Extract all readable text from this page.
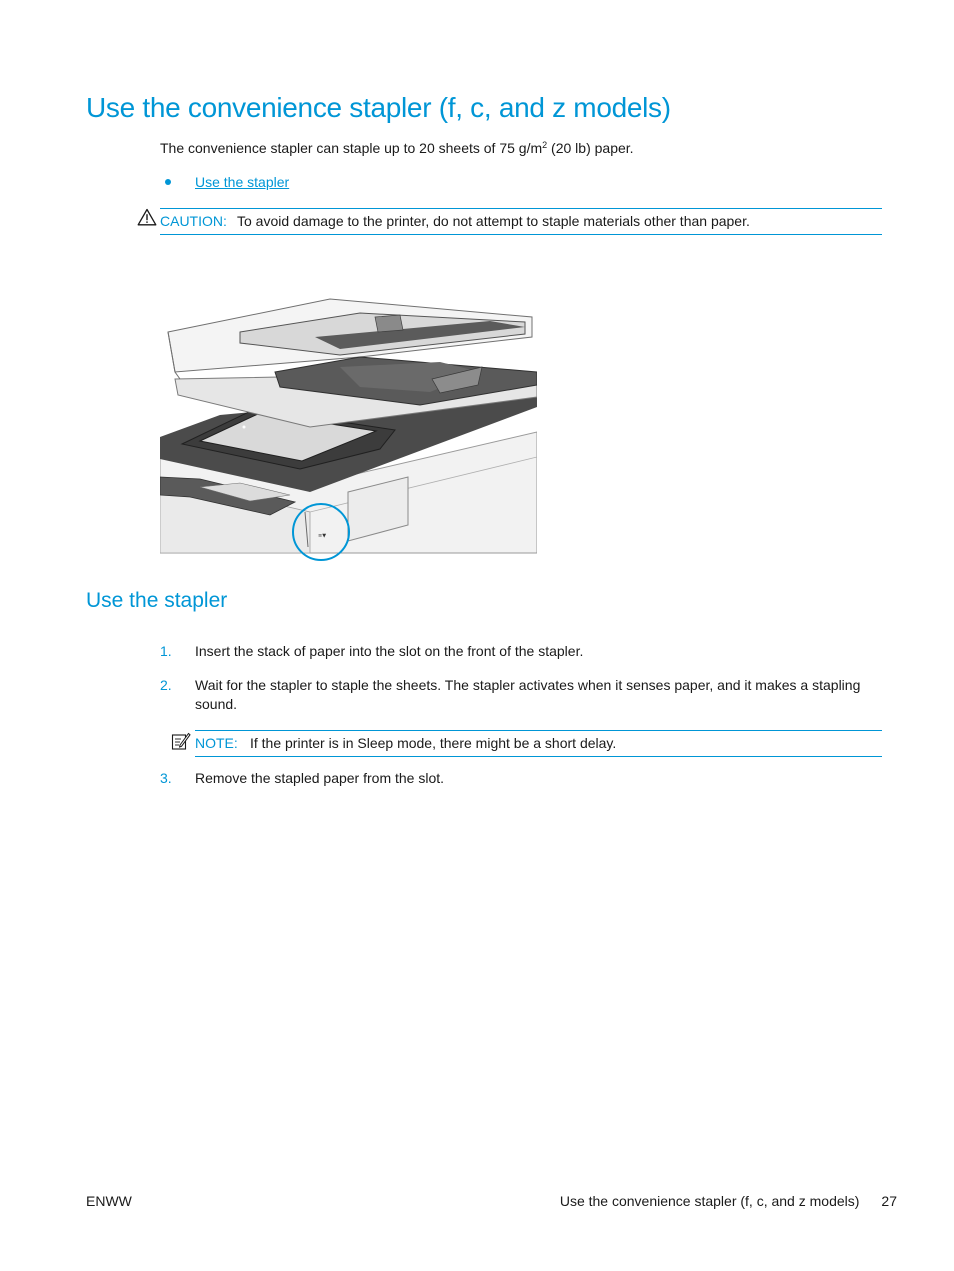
Use the convenience stapler (f, c, and z models)
The convenience stapler can staple up to 20 sheets of 75 $g/m^2$ (20 lb) paper.
Use the stapler
CAUTION: To avoid damage to the printer, do not attempt to staple materials other than paper.
≡▼
Use the stapler
1. Insert the stack of paper into the slot on the front of the stapler.
2. Wait for the stapler to staple the sheets. The stapler activates when it senses paper, and it makes a stapling sound.
NOTE: If the printer is in Sleep mode, there might be a short delay.
3. Remove the stapled paper from the slot.
ENWW	Use the convenience stapler (f, c, and z models) 27
